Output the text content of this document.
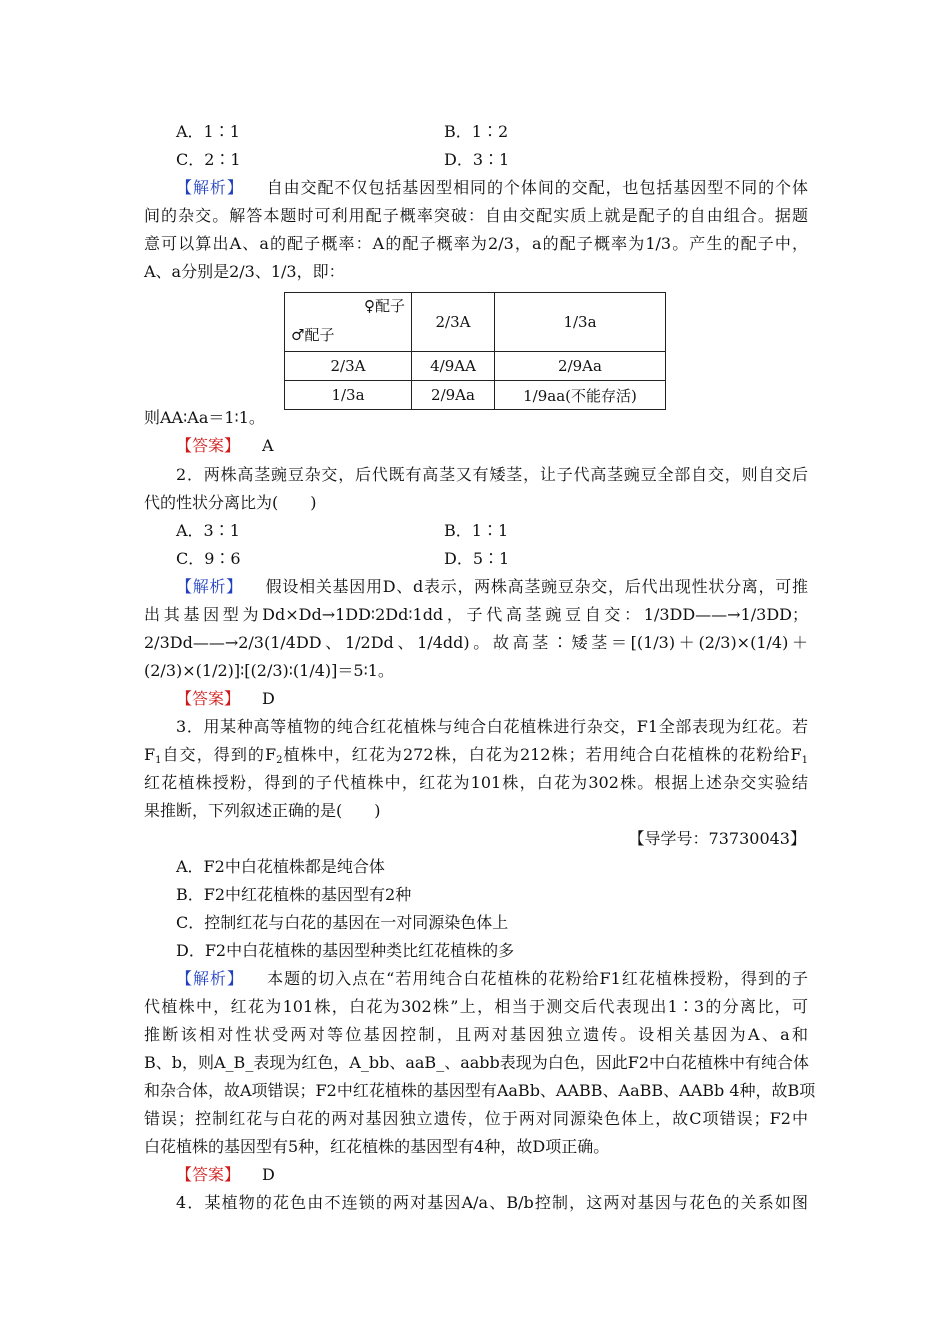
A．1∶1	B．1∶2
C．2∶1	D．3∶1
【解析】 自由交配不仅包括基因型相同的个体间的交配，也包括基因型不同的个体
间的杂交。解答本题时可利用配子概率突破：自由交配实质上就是配子的自由组合。据题
意可以算出A、a的配子概率：A的配子概率为2/3，a的配子概率为1/3。产生的配子中，
A、a分别是2/3、1/3，即：
♀配子
♂配子	2/3A	1/3a
2/3A	4/9AA	2/9Aa
1/3a	2/9Aa	1/9aa(不能存活)
则AA∶Aa＝1∶1。
【答案】 A
2．两株高茎豌豆杂交，后代既有高茎又有矮茎，让子代高茎豌豆全部自交，则自交后
代的性状分离比为(　　)
A．3∶1	B．1∶1
C．9∶6	D．5∶1
【解析】 假设相关基因用D、d表示，两株高茎豌豆杂交，后代出现性状分离，可推
出其基因型为Dd×Dd→1DD∶2Dd∶1dd，子代高茎豌豆自交：1/3DD——→1/3DD；
2/3Dd——→2/3(1/4DD、1/2Dd、1/4dd)。故高茎∶矮茎＝[(1/3)＋(2/3)×(1/4)＋
(2/3)×(1/2)]∶[(2/3)∶(1/4)]＝5∶1。
【答案】 D
3．用某种高等植物的纯合红花植株与纯合白花植株进行杂交，F1全部表现为红花。若
$F_1$自交，得到的$F_2$植株中，红花为272株，白花为212株；若用纯合白花植株的花粉给$F_1$
红花植株授粉，得到的子代植株中，红花为101株，白花为302株。根据上述杂交实验结
果推断，下列叙述正确的是(　　)
【导学号：73730043】
A．F2中白花植株都是纯合体
B．F2中红花植株的基因型有2种
C．控制红花与白花的基因在一对同源染色体上
D．F2中白花植株的基因型种类比红花植株的多
【解析】 本题的切入点在“若用纯合白花植株的花粉给F1红花植株授粉，得到的子
代植株中，红花为101株，白花为302株”上，相当于测交后代表现出1∶3的分离比，可
推断该相对性状受两对等位基因控制，且两对基因独立遗传。设相关基因为A、a和
B、b，则A_B_表现为红色，A_bb、aaB_、aabb表现为白色，因此F2中白花植株中有纯合体
和杂合体，故A项错误；F2中红花植株的基因型有AaBb、AABB、AaBB、AABb 4种，故B项
错误；控制红花与白花的两对基因独立遗传，位于两对同源染色体上，故C项错误；F2中
白花植株的基因型有5种，红花植株的基因型有4种，故D项正确。
【答案】 D
4．某植物的花色由不连锁的两对基因A/a、B/b控制，这两对基因与花色的关系如图
